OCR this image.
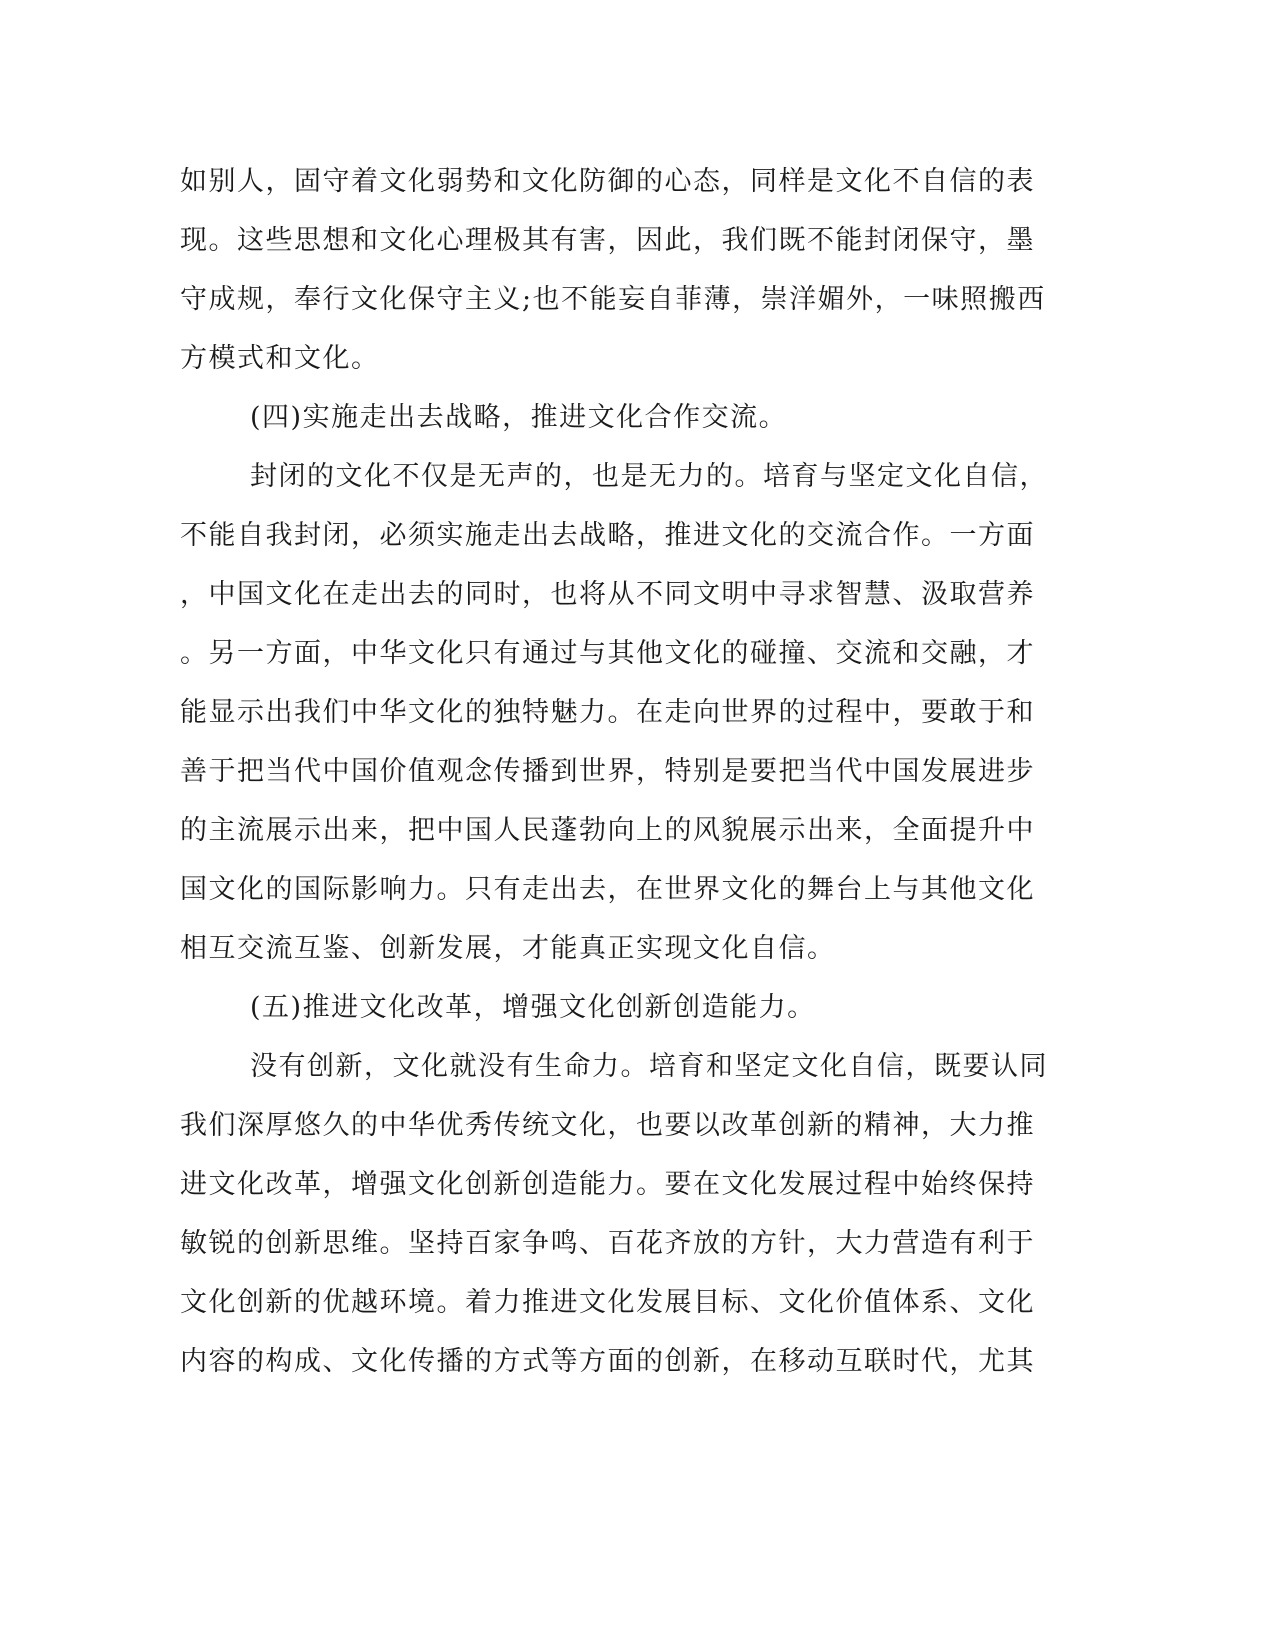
如别人，固守着文化弱势和文化防御的心态，同样是文化不自信的表
现。这些思想和文化心理极其有害，因此，我们既不能封闭保守，墨
守成规，奉行文化保守主义;也不能妄自菲薄，崇洋媚外，一味照搬西
方模式和文化。
(四)实施走出去战略，推进文化合作交流。
封闭的文化不仅是无声的，也是无力的。培育与坚定文化自信，
不能自我封闭，必须实施走出去战略，推进文化的交流合作。一方面
，中国文化在走出去的同时，也将从不同文明中寻求智慧、汲取营养
。另一方面，中华文化只有通过与其他文化的碰撞、交流和交融，才
能显示出我们中华文化的独特魅力。在走向世界的过程中，要敢于和
善于把当代中国价值观念传播到世界，特别是要把当代中国发展进步
的主流展示出来，把中国人民蓬勃向上的风貌展示出来，全面提升中
国文化的国际影响力。只有走出去，在世界文化的舞台上与其他文化
相互交流互鉴、创新发展，才能真正实现文化自信。
(五)推进文化改革，增强文化创新创造能力。
没有创新，文化就没有生命力。培育和坚定文化自信，既要认同
我们深厚悠久的中华优秀传统文化，也要以改革创新的精神，大力推
进文化改革，增强文化创新创造能力。要在文化发展过程中始终保持
敏锐的创新思维。坚持百家争鸣、百花齐放的方针，大力营造有利于
文化创新的优越环境。着力推进文化发展目标、文化价值体系、文化
内容的构成、文化传播的方式等方面的创新，在移动互联时代，尤其
